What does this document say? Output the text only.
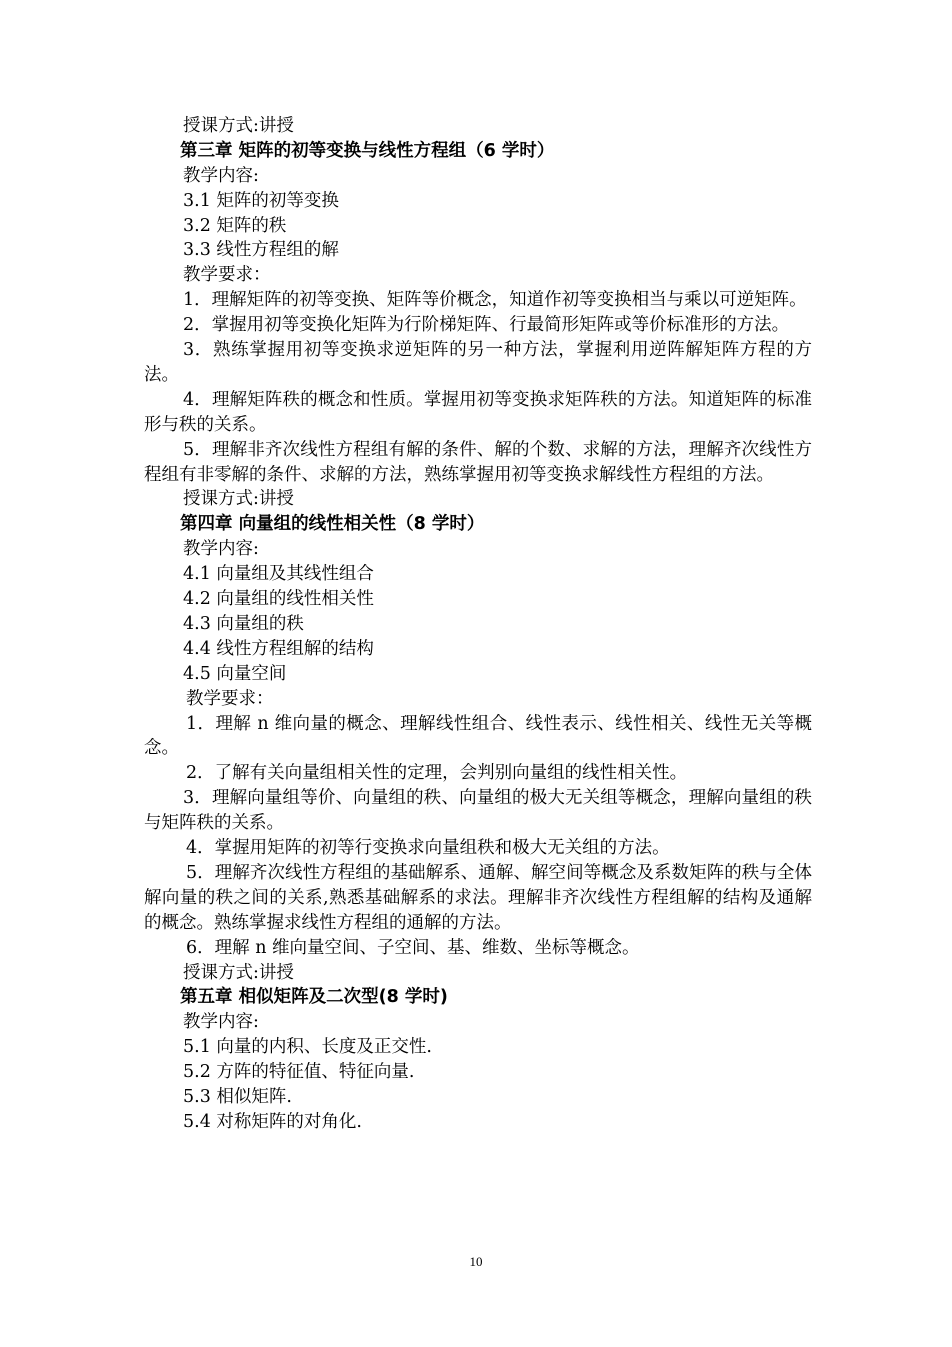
授课方式:讲授
第三章 矩阵的初等变换与线性方程组（6 学时）
教学内容:
3.1 矩阵的初等变换
3.2 矩阵的秩
3.3 线性方程组的解
教学要求：
1．理解矩阵的初等变换、矩阵等价概念，知道作初等变换相当与乘以可逆矩阵。
2．掌握用初等变换化矩阵为行阶梯矩阵、行最简形矩阵或等价标准形的方法。
3．熟练掌握用初等变换求逆矩阵的另一种方法，掌握利用逆阵解矩阵方程的方法。
4．理解矩阵秩的概念和性质。掌握用初等变换求矩阵秩的方法。知道矩阵的标准形与秩的关系。
5．理解非齐次线性方程组有解的条件、解的个数、求解的方法，理解齐次线性方程组有非零解的条件、求解的方法，熟练掌握用初等变换求解线性方程组的方法。
授课方式:讲授
第四章 向量组的线性相关性（8 学时）
教学内容:
4.1 向量组及其线性组合
4.2 向量组的线性相关性
4.3 向量组的秩
4.4 线性方程组解的结构
4.5 向量空间
教学要求：
1．理解 n 维向量的概念、理解线性组合、线性表示、线性相关、线性无关等概念。
2．了解有关向量组相关性的定理，会判别向量组的线性相关性。
3．理解向量组等价、向量组的秩、向量组的极大无关组等概念，理解向量组的秩与矩阵秩的关系。
4．掌握用矩阵的初等行变换求向量组秩和极大无关组的方法。
5．理解齐次线性方程组的基础解系、通解、解空间等概念及系数矩阵的秩与全体解向量的秩之间的关系,熟悉基础解系的求法。理解非齐次线性方程组解的结构及通解的概念。熟练掌握求线性方程组的通解的方法。
6．理解 n 维向量空间、子空间、基、维数、坐标等概念。
授课方式:讲授
第五章 相似矩阵及二次型(8 学时)
教学内容:
5.1 向量的内积、长度及正交性.
5.2 方阵的特征值、特征向量.
5.3 相似矩阵.
5.4 对称矩阵的对角化.
10
